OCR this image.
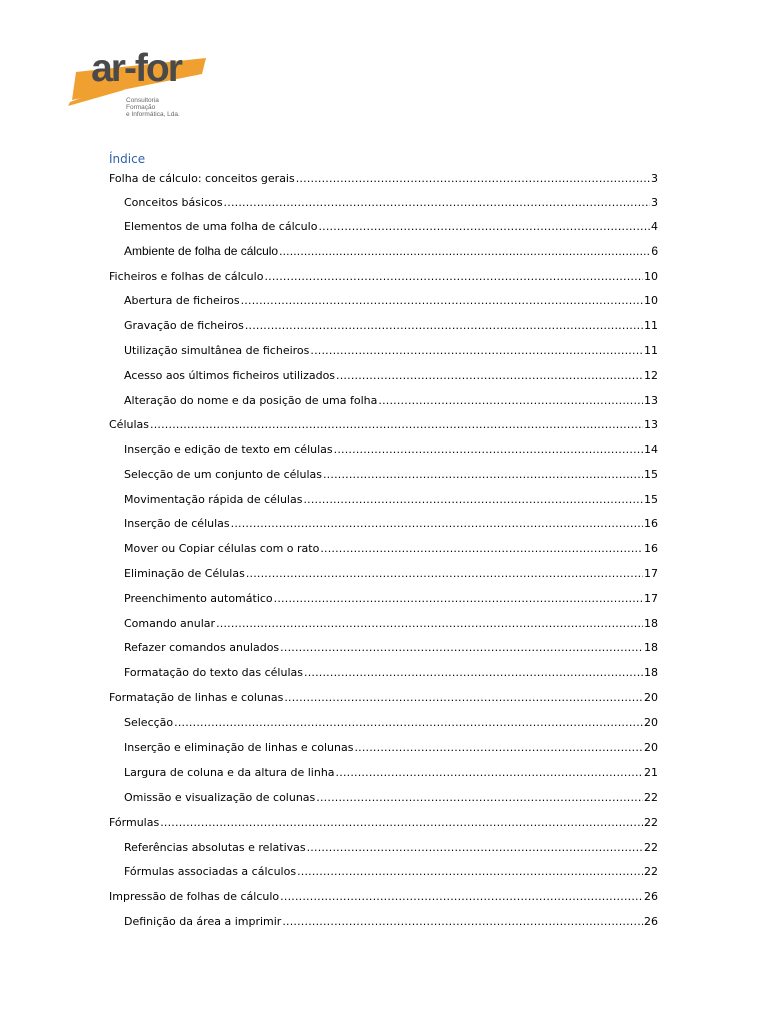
ar-for
Consultoria
Formação
e Informática, Lda.
Índice
Folha de cálculo: conceitos gerais .....	3
Conceitos básicos .....	3
Elementos de uma folha de cálculo .....	4
Ambiente de folha de cálculo .....	6
Ficheiros e folhas de cálculo .....	10
Abertura de ficheiros .....	10
Gravação de ficheiros .....	11
Utilização simultânea de ficheiros .....	11
Acesso aos últimos ficheiros utilizados .....	12
Alteração do nome e da posição de uma folha .....	13
Células .....	13
Inserção e edição de texto em células .....	14
Selecção de um conjunto de células .....	15
Movimentação rápida de células .....	15
Inserção de células .....	16
Mover ou Copiar células com o rato .....	16
Eliminação de Células .....	17
Preenchimento automático .....	17
Comando anular .....	18
Refazer comandos anulados .....	18
Formatação do texto das células .....	18
Formatação de linhas e colunas .....	20
Selecção .....	20
Inserção e eliminação de linhas e colunas .....	20
Largura de coluna e da altura de linha .....	21
Omissão e visualização de colunas .....	22
Fórmulas .....	22
Referências absolutas e relativas .....	22
Fórmulas associadas a cálculos .....	22
Impressão de folhas de cálculo .....	26
Definição da área a imprimir .....	26
